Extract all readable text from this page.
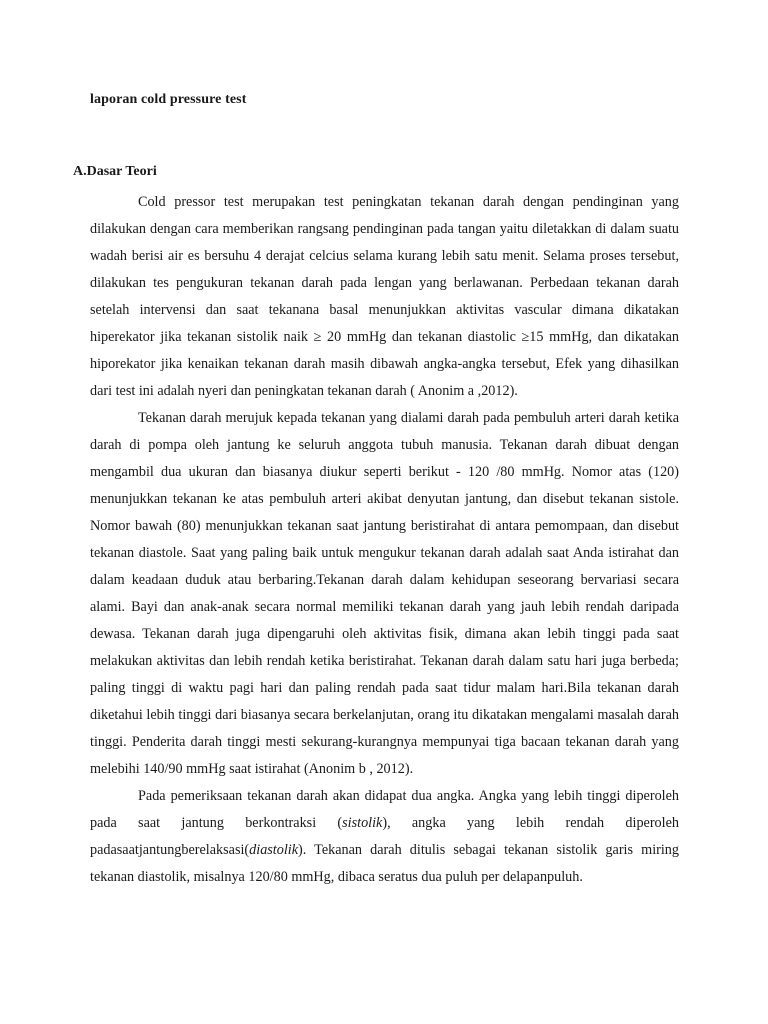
laporan cold pressure test
A.Dasar Teori

Cold pressor test merupakan test peningkatan tekanan darah dengan pendinginan yang dilakukan dengan cara memberikan rangsang pendinginan pada tangan yaitu diletakkan di dalam suatu wadah berisi air es bersuhu 4 derajat celcius selama kurang lebih satu menit. Selama proses tersebut, dilakukan tes pengukuran tekanan darah pada lengan yang berlawanan. Perbedaan tekanan darah setelah intervensi dan saat tekanana basal menunjukkan aktivitas vascular dimana dikatakan hiperekator jika tekanan sistolik naik ≥ 20 mmHg dan tekanan diastolic ≥15 mmHg, dan dikatakan hiporekator jika kenaikan tekanan darah masih dibawah angka-angka tersebut, Efek yang dihasilkan dari test ini adalah nyeri dan peningkatan tekanan darah ( Anonim a ,2012).

Tekanan darah merujuk kepada tekanan yang dialami darah pada pembuluh arteri darah ketika darah di pompa oleh jantung ke seluruh anggota tubuh manusia. Tekanan darah dibuat dengan mengambil dua ukuran dan biasanya diukur seperti berikut - 120 /80 mmHg. Nomor atas (120) menunjukkan tekanan ke atas pembuluh arteri akibat denyutan jantung, dan disebut tekanan sistole. Nomor bawah (80) menunjukkan tekanan saat jantung beristirahat di antara pemompaan, dan disebut tekanan diastole. Saat yang paling baik untuk mengukur tekanan darah adalah saat Anda istirahat dan dalam keadaan duduk atau berbaring.Tekanan darah dalam kehidupan seseorang bervariasi secara alami. Bayi dan anak-anak secara normal memiliki tekanan darah yang jauh lebih rendah daripada dewasa. Tekanan darah juga dipengaruhi oleh aktivitas fisik, dimana akan lebih tinggi pada saat melakukan aktivitas dan lebih rendah ketika beristirahat. Tekanan darah dalam satu hari juga berbeda; paling tinggi di waktu pagi hari dan paling rendah pada saat tidur malam hari.Bila tekanan darah diketahui lebih tinggi dari biasanya secara berkelanjutan, orang itu dikatakan mengalami masalah darah tinggi. Penderita darah tinggi mesti sekurang-kurangnya mempunyai tiga bacaan tekanan darah yang melebihi 140/90 mmHg saat istirahat (Anonim b , 2012).

Pada pemeriksaan tekanan darah akan didapat dua angka. Angka yang lebih tinggi diperoleh pada saat jantung berkontraksi (sistolik), angka yang lebih rendah diperoleh padasaatjantungberelaksasi(diastolik). Tekanan darah ditulis sebagai tekanan sistolik garis miring tekanan diastolik, misalnya 120/80 mmHg, dibaca seratus dua puluh per delapanpuluh.
